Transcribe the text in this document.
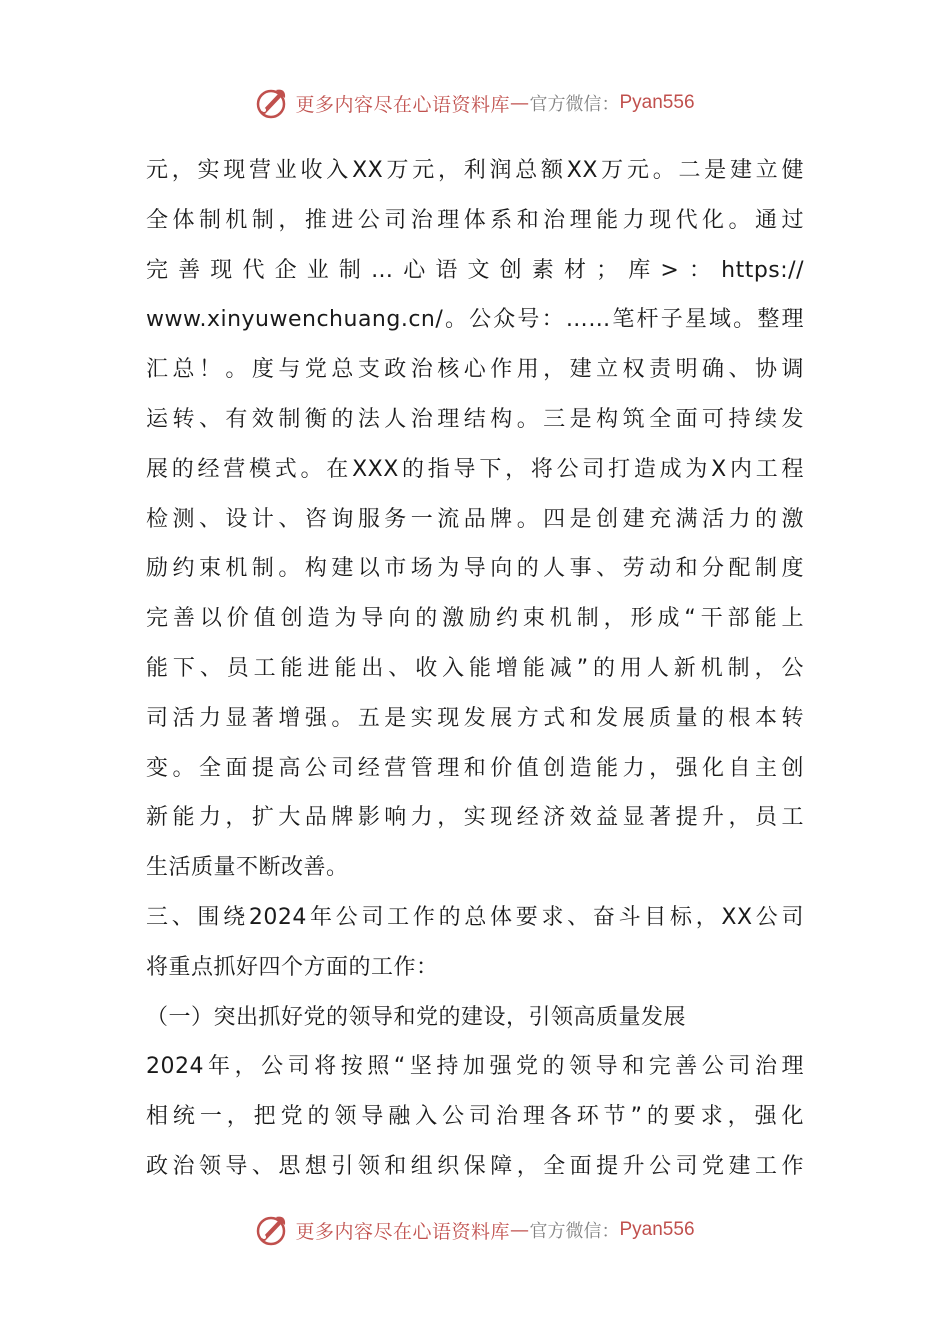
更多内容尽在心语资料库 — 官方微信： Pyan556
元，实现营业收入XX万元，利润总额XX万元。二是建立健
全体制机制，推进公司治理体系和治理能力现代化。通过
完善现代企业制…心语文创素材；库>：https://
www.xinyuwenchuang.cn/。公众号：……笔杆子星域。整理
汇总！。度与党总支政治核心作用，建立权责明确、协调
运转、有效制衡的法人治理结构。三是构筑全面可持续发
展的经营模式。在XXX的指导下，将公司打造成为X内工程
检测、设计、咨询服务一流品牌。四是创建充满活力的激
励约束机制。构建以市场为导向的人事、劳动和分配制度
完善以价值创造为导向的激励约束机制，形成“干部能上
能下、员工能进能出、收入能增能减”的用人新机制，公
司活力显著增强。五是实现发展方式和发展质量的根本转
变。全面提高公司经营管理和价值创造能力，强化自主创
新能力，扩大品牌影响力，实现经济效益显著提升，员工
生活质量不断改善。
三、围绕2024年公司工作的总体要求、奋斗目标，XX公司
将重点抓好四个方面的工作：
（一）突出抓好党的领导和党的建设，引领高质量发展
2024年，公司将按照“坚持加强党的领导和完善公司治理
相统一，把党的领导融入公司治理各环节”的要求，强化
政治领导、思想引领和组织保障，全面提升公司党建工作
更多内容尽在心语资料库 — 官方微信： Pyan556
